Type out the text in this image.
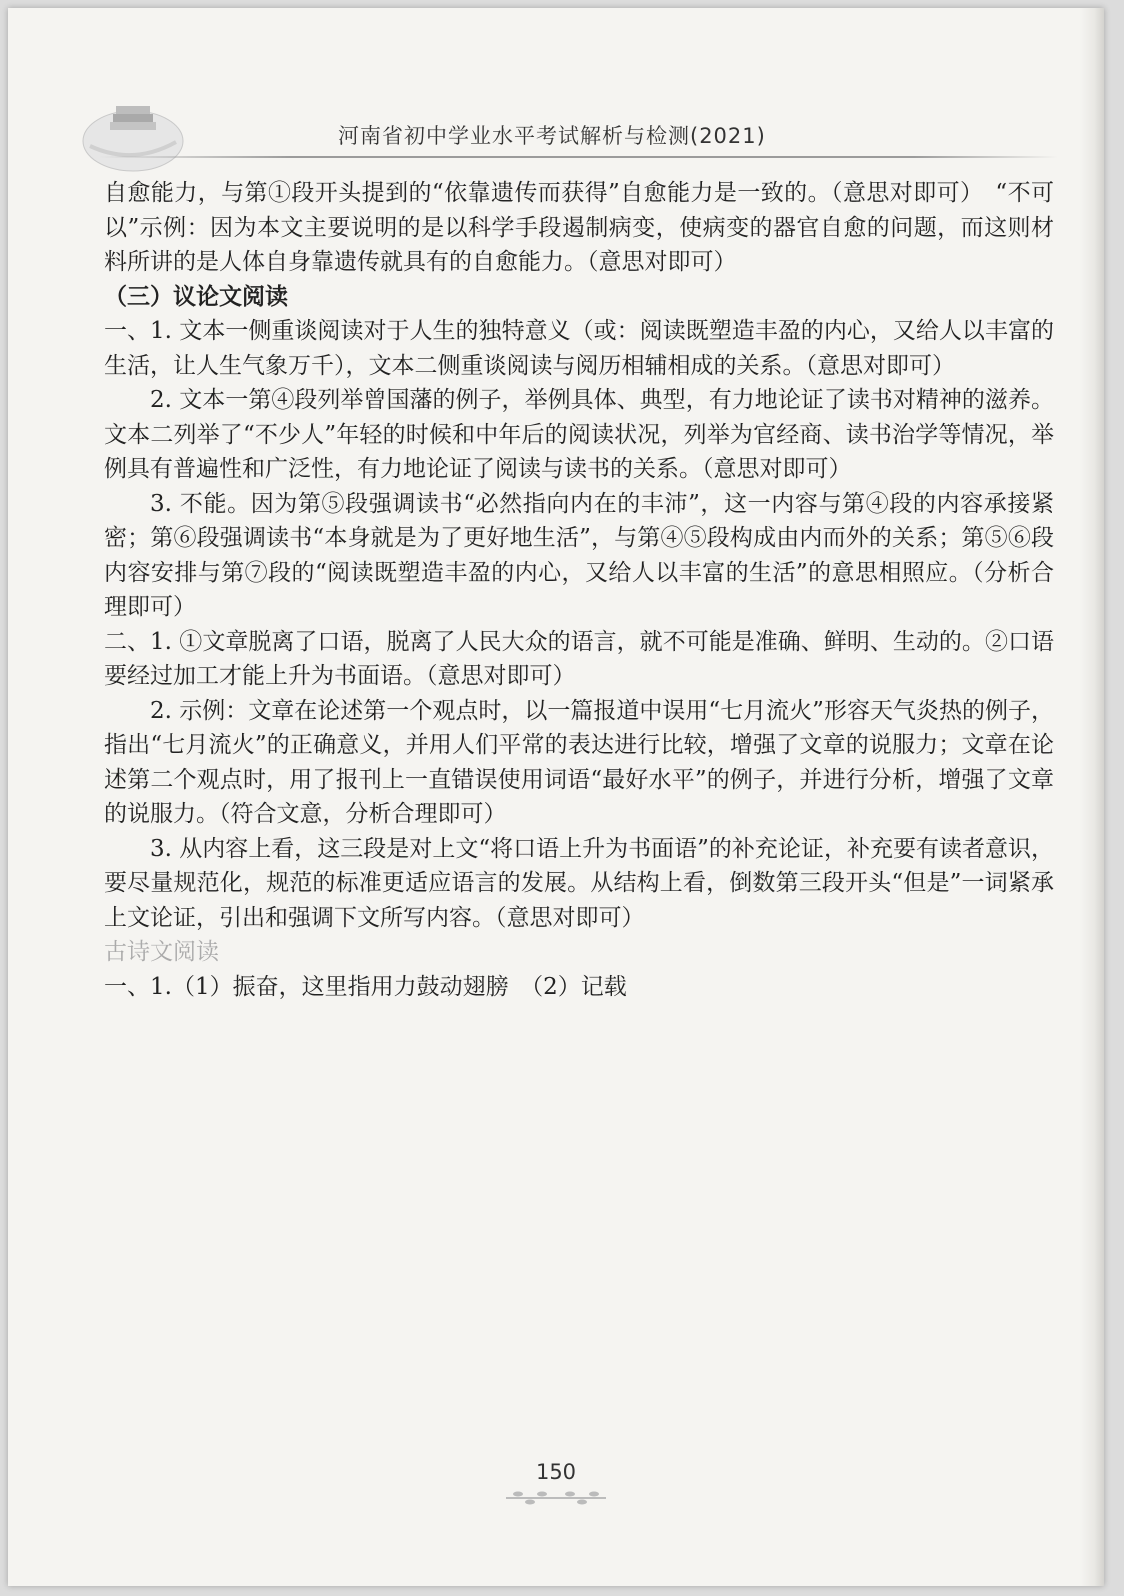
河南省初中学业水平考试解析与检测(2021)

自愈能力，与第①段开头提到的“依靠遗传而获得”自愈能力是一致的。（意思对即可）　“不可以”示例：因为本文主要说明的是以科学手段遏制病变，使病变的器官自愈的问题，而这则材料所讲的是人体自身靠遗传就具有的自愈能力。（意思对即可）

（三）议论文阅读

一、1. 文本一侧重谈阅读对于人生的独特意义（或：阅读既塑造丰盈的内心，又给人以丰富的生活，让人生气象万千），文本二侧重谈阅读与阅历相辅相成的关系。（意思对即可）

2. 文本一第④段列举曾国藩的例子，举例具体、典型，有力地论证了读书对精神的滋养。文本二列举了“不少人”年轻的时候和中年后的阅读状况，列举为官经商、读书治学等情况，举例具有普遍性和广泛性，有力地论证了阅读与读书的关系。（意思对即可）

3. 不能。因为第⑤段强调读书“必然指向内在的丰沛”，这一内容与第④段的内容承接紧密；第⑥段强调读书“本身就是为了更好地生活”，与第④⑤段构成由内而外的关系；第⑤⑥段内容安排与第⑦段的“阅读既塑造丰盈的内心，又给人以丰富的生活”的意思相照应。（分析合理即可）

二、1. ①文章脱离了口语，脱离了人民大众的语言，就不可能是准确、鲜明、生动的。②口语要经过加工才能上升为书面语。（意思对即可）

2. 示例：文章在论述第一个观点时，以一篇报道中误用“七月流火”形容天气炎热的例子，指出“七月流火”的正确意义，并用人们平常的表达进行比较，增强了文章的说服力；文章在论述第二个观点时，用了报刊上一直错误使用词语“最好水平”的例子，并进行分析，增强了文章的说服力。（符合文意，分析合理即可）

3. 从内容上看，这三段是对上文“将口语上升为书面语”的补充论证，补充要有读者意识，要尽量规范化，规范的标准更适应语言的发展。从结构上看，倒数第三段开头“但是”一词紧承上文论证，引出和强调下文所写内容。（意思对即可）

古诗文阅读

一、1.（1）振奋，这里指用力鼓动翅膀　（2）记载

150
